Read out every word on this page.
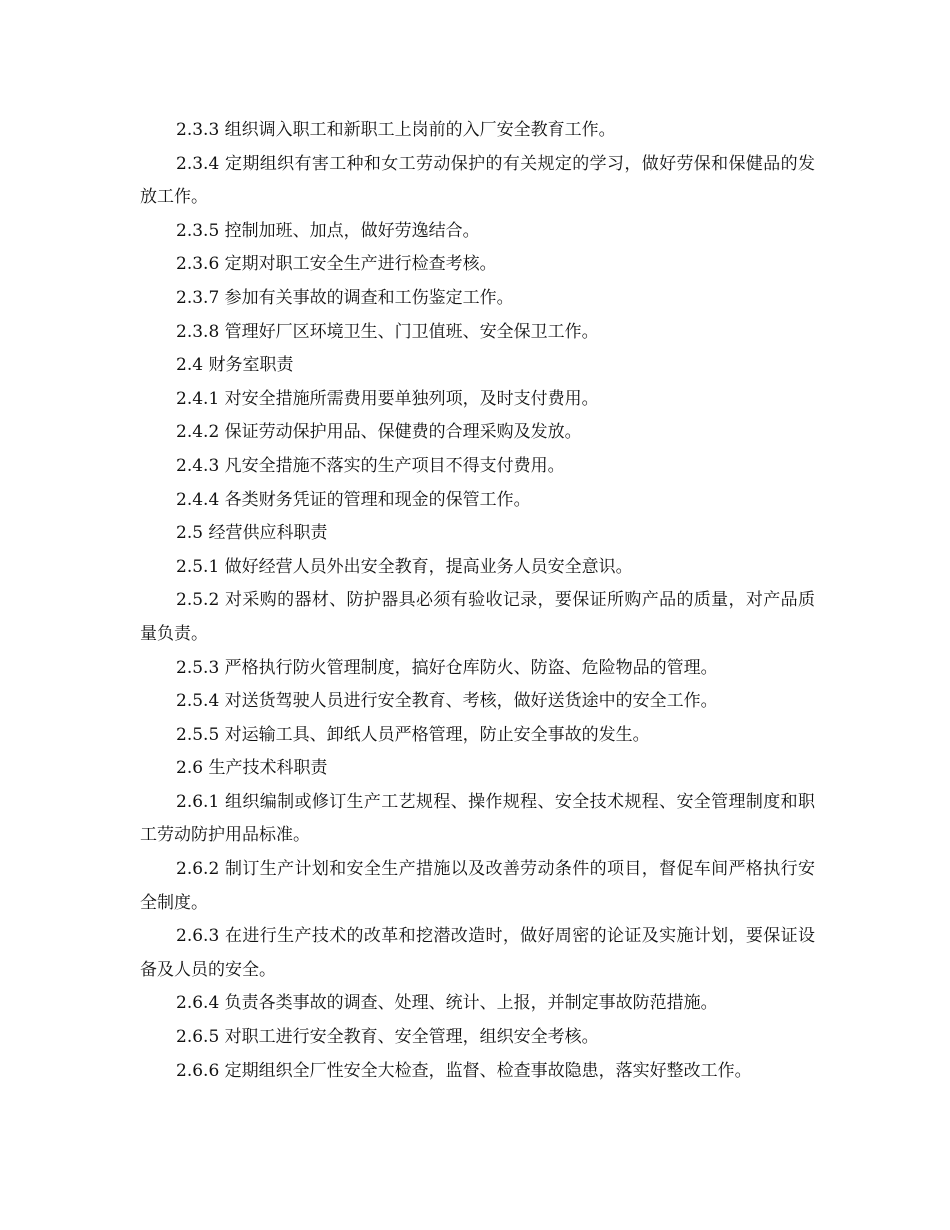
2.3.3 组织调入职工和新职工上岗前的入厂安全教育工作。

2.3.4 定期组织有害工种和女工劳动保护的有关规定的学习，做好劳保和保健品的发放工作。

2.3.5 控制加班、加点，做好劳逸结合。

2.3.6 定期对职工安全生产进行检查考核。

2.3.7 参加有关事故的调查和工伤鉴定工作。

2.3.8 管理好厂区环境卫生、门卫值班、安全保卫工作。

2.4 财务室职责

2.4.1 对安全措施所需费用要单独列项，及时支付费用。

2.4.2 保证劳动保护用品、保健费的合理采购及发放。

2.4.3 凡安全措施不落实的生产项目不得支付费用。

2.4.4 各类财务凭证的管理和现金的保管工作。

2.5 经营供应科职责

2.5.1 做好经营人员外出安全教育，提高业务人员安全意识。

2.5.2 对采购的器材、防护器具必须有验收记录，要保证所购产品的质量，对产品质量负责。

2.5.3 严格执行防火管理制度，搞好仓库防火、防盗、危险物品的管理。

2.5.4 对送货驾驶人员进行安全教育、考核，做好送货途中的安全工作。

2.5.5 对运输工具、卸纸人员严格管理，防止安全事故的发生。

2.6 生产技术科职责

2.6.1 组织编制或修订生产工艺规程、操作规程、安全技术规程、安全管理制度和职工劳动防护用品标准。

2.6.2 制订生产计划和安全生产措施以及改善劳动条件的项目，督促车间严格执行安全制度。

2.6.3 在进行生产技术的改革和挖潜改造时，做好周密的论证及实施计划，要保证设备及人员的安全。

2.6.4 负责各类事故的调查、处理、统计、上报，并制定事故防范措施。

2.6.5 对职工进行安全教育、安全管理，组织安全考核。

2.6.6 定期组织全厂性安全大检查，监督、检查事故隐患，落实好整改工作。
